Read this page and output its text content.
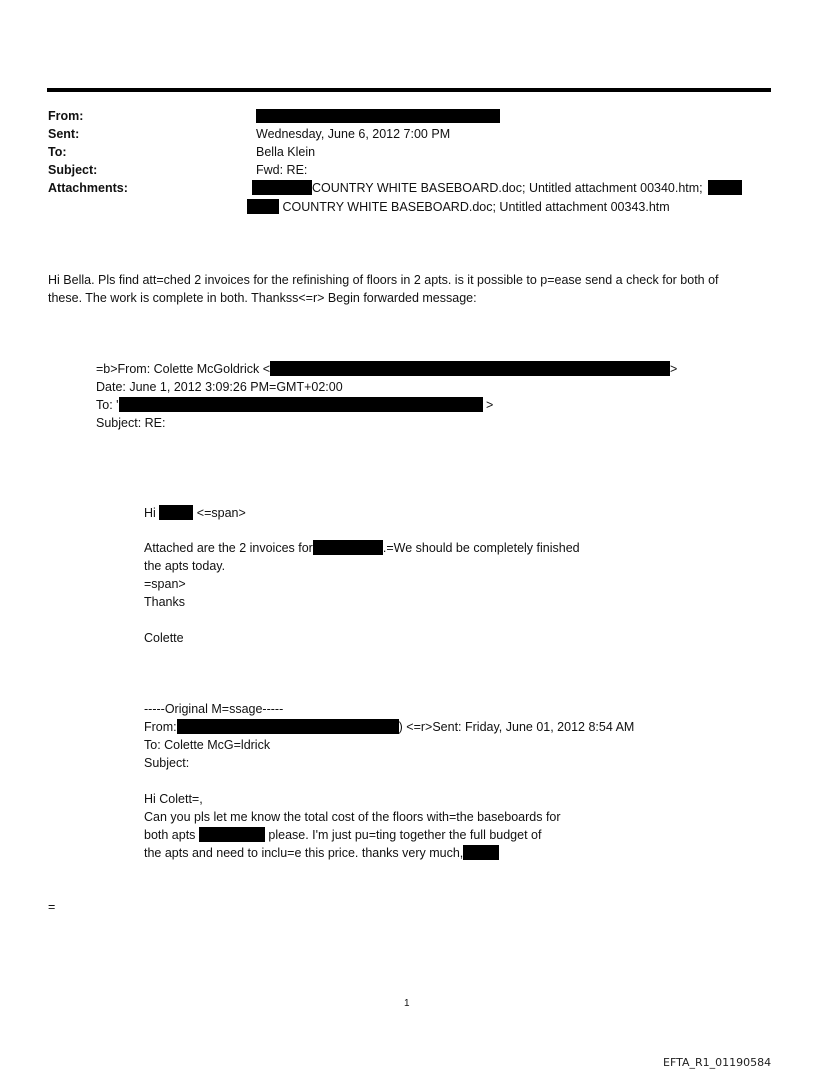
From:
Sent:	Wednesday, June 6, 2012 7:00 PM
To:	Bella Klein
Subject:	Fwd: RE:
Attachments:	COUNTRY WHITE BASEBOARD.doc; Untitled attachment 00340.htm;
COUNTRY WHITE BASEBOARD.doc; Untitled attachment 00343.htm
Hi Bella. Pls find att=ched 2 invoices for the refinishing of floors in 2 apts. is it possible to p=ease send a check for both of
these. The work is complete in both. Thankss<=r> Begin forwarded message:
=b>From: Colette McGoldrick <	>
Date: June 1, 2012 3:09:26 PM=GMT+02:00
To: '	>
Subject: RE:
Hi	<=span>
Attached are the 2 invoices for	.=We should be completely finished
the apts today.
=span>
Thanks
Colette
-----Original M=ssage-----
From:	) <=r>Sent: Friday, June 01, 2012 8:54 AM
To: Colette McG=ldrick
Subject:
Hi Colett=,
Can you pls let me know the total cost of the floors with=the baseboards for
both apts	please. I'm just pu=ting together the full budget of
the apts and need to inclu=e this price. thanks very much,
=
1
EFTA_R1_01190584
